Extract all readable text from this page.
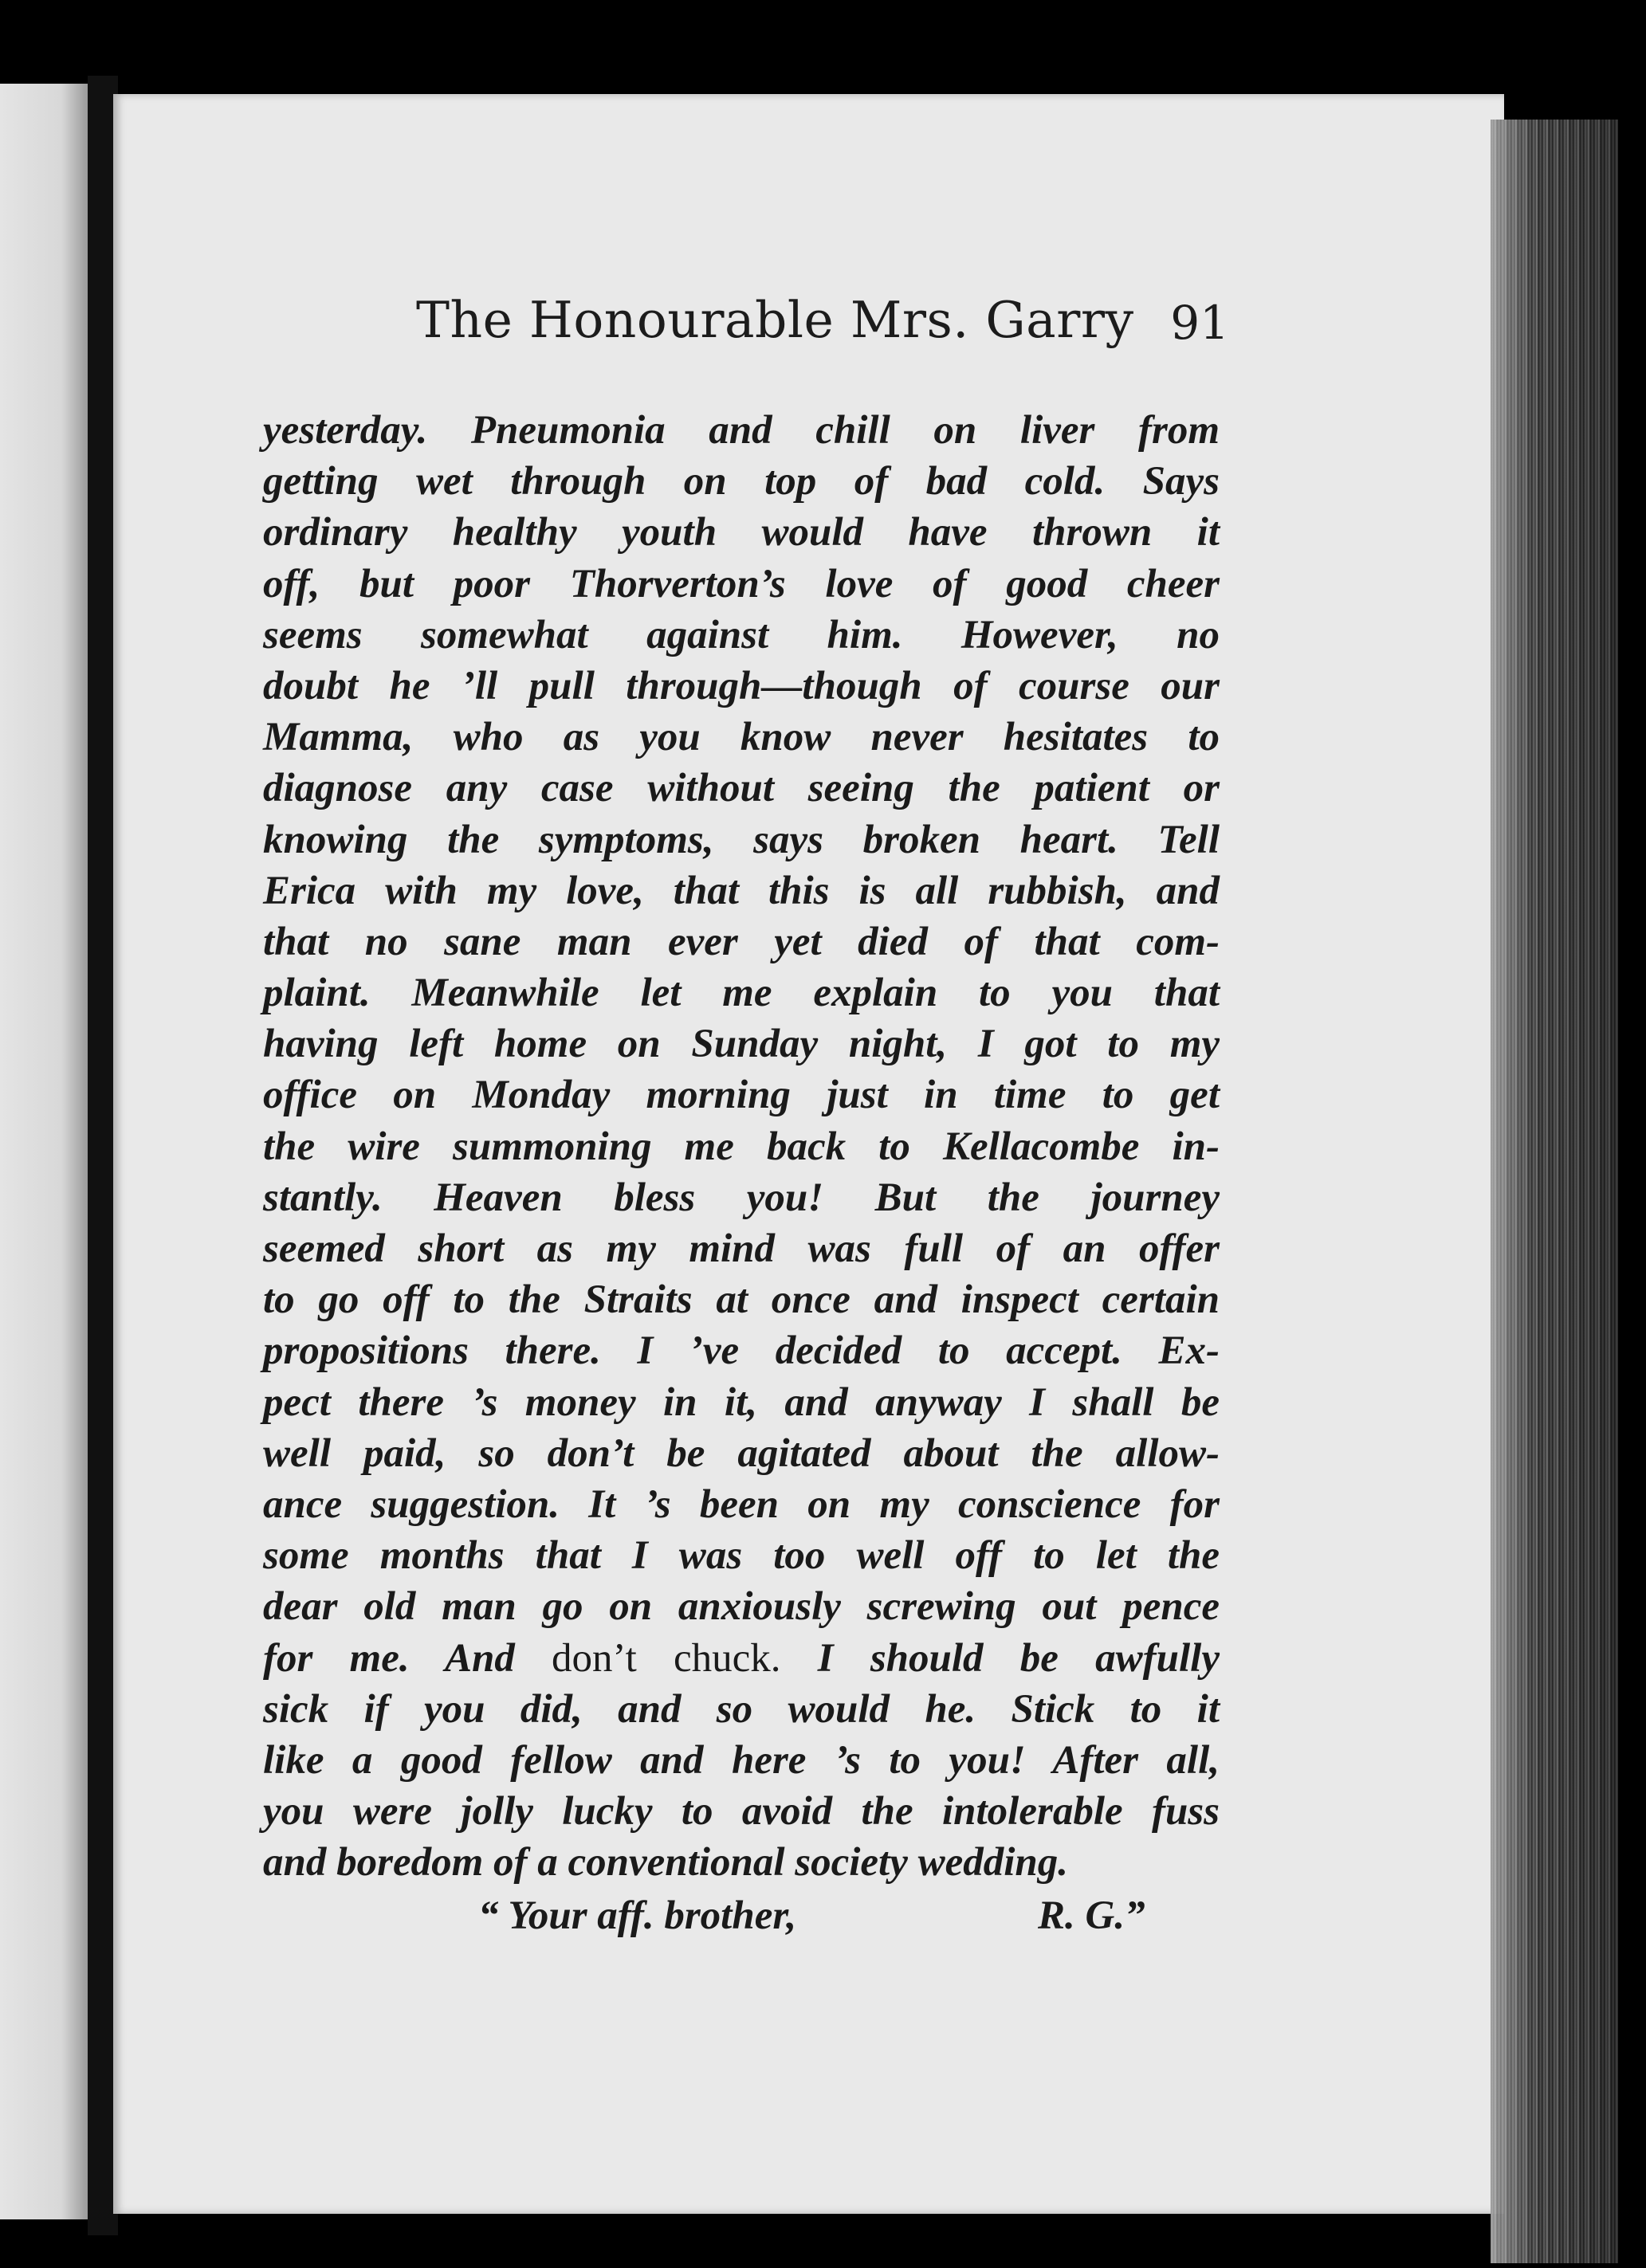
The Honourable Mrs. Garry 91
yesterday. Pneumonia and chill on liver from
getting wet through on top of bad cold. Says
ordinary healthy youth would have thrown it
off, but poor Thorverton’s love of good cheer
seems somewhat against him. However, no
doubt he ’ll pull through—though of course our
Mamma, who as you know never hesitates to
diagnose any case without seeing the patient or
knowing the symptoms, says broken heart. Tell
Erica with my love, that this is all rubbish, and
that no sane man ever yet died of that com-
plaint. Meanwhile let me explain to you that
having left home on Sunday night, I got to my
office on Monday morning just in time to get
the wire summoning me back to Kellacombe in-
stantly. Heaven bless you! But the journey
seemed short as my mind was full of an offer
to go off to the Straits at once and inspect certain
propositions there. I ’ve decided to accept. Ex-
pect there ’s money in it, and anyway I shall be
well paid, so don’t be agitated about the allow-
ance suggestion. It ’s been on my conscience for
some months that I was too well off to let the
dear old man go on anxiously screwing out pence
for me. And don’t chuck. I should be awfully
sick if you did, and so would he. Stick to it
like a good fellow and here ’s to you! After all,
you were jolly lucky to avoid the intolerable fuss
and boredom of a conventional society wedding.
“ Your aff. brother,	R. G.”
